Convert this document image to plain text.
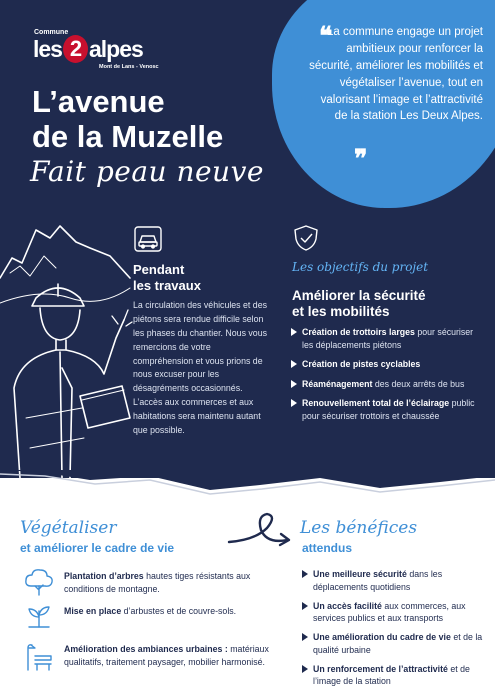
❝

La commune engage un projet ambitieux pour renforcer la sécurité, améliorer les mobilités et végétaliser l’avenue, tout en valorisant l’image et l’attractivité de la station Les Deux Alpes.

❞
Commune
les 2 alpes
Mont de Lans - Venosc
L’avenue
de la Muzelle
Fait peau neuve
Pendant
les travaux

La circulation des véhicules et des piétons sera rendue difficile selon les phases du chantier. Nous vous remercions de votre compréhension et vous prions de nous excuser pour les désagréments occasionnés. L’accès aux commerces et aux habitations sera maintenu autant que possible.

Les objectifs du projet
Améliorer la sécurité
et les mobilités
Création de trottoirs larges pour sécuriser les déplacements piétons
Création de pistes cyclables
Réaménagement des deux arrêts de bus
Renouvellement total de l’éclairage public pour sécuriser trottoirs et chaussée
Végétaliser
et améliorer le cadre de vie
Les bénéfices
attendus

Plantation d’arbres hautes tiges résistants aux conditions de montagne.

Mise en place d’arbustes et de couvre-sols.

Amélioration des ambiances urbaines : matériaux qualitatifs, traitement paysager, mobilier harmonisé.

Une meilleure sécurité dans les déplacements quotidiens
Un accès facilité aux commerces, aux services publics et aux transports
Une amélioration du cadre de vie et de la qualité urbaine
Un renforcement de l’attractivité et de l’image de la station
